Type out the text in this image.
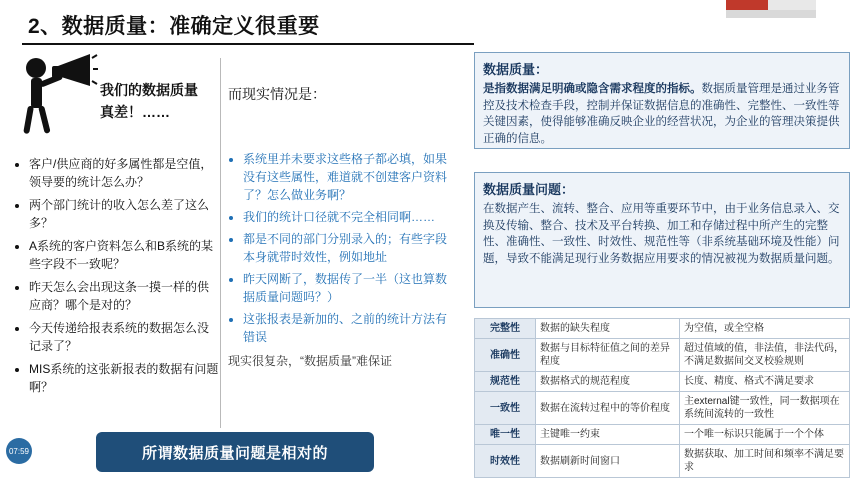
2、数据质量：准确定义很重要
我们的数据质量真差！……
• 客户/供应商的好多属性都是空值，领导要的统计怎么办？
• 两个部门统计的收入怎么差了这么多？
• A系统的客户资料怎么和B系统的某些字段不一致呢？
• 昨天怎么会出现这条一摸一样的供应商？哪个是对的？
• 今天传递给报表系统的数据怎么没记录了？
• MIS系统的这张新报表的数据有问题啊？
而现实情况是：
• 系统里并未要求这些格子都必填，如果没有这些属性，难道就不创建客户资料了？怎么做业务啊？
• 我们的统计口径就不完全相同啊……
• 都是不同的部门分别录入的；有些字段本身就带时效性，例如地址
• 昨天网断了，数据传了一半（这也算数据质量问题吗？）
• 这张报表是新加的、之前的统计方法有错误
现实很复杂，“数据质量”难保证
数据质量：
是指数据满足明确或隐含需求程度的指标。数据质量管理是通过业务管控及技术检查手段，控制并保证数据信息的准确性、完整性、一致性等关键因素，使得能够准确反映企业的经营状况，为企业的管理决策提供正确的信息。
数据质量问题：
在数据产生、流转、整合、应用等重要环节中，由于业务信息录入、交换及传输、整合、技术及平台转换、加工和存储过程中所产生的完整性、准确性、一致性、时效性、规范性等（非系统基础环境及性能）问题，导致不能满足现行业务数据应用要求的情况被视为数据质量问题。
完整性	数据的缺失程度	为空值，或全空格
准确性	数据与目标特征值之间的差异程度	超过值域的值，非法值，非法代码，不满足数据间交叉校验规则
规范性	数据格式的规范程度	长度、精度、格式不满足要求
一致性	数据在流转过程中的等价程度	主external键一致性，同一数据项在系统间流转的一致性
唯一性	主键唯一约束	一个唯一标识只能属于一个个体
时效性	数据刷新时间窗口	数据获取、加工时间和频率不满足要求
所谓数据质量问题是相对的
07:59
